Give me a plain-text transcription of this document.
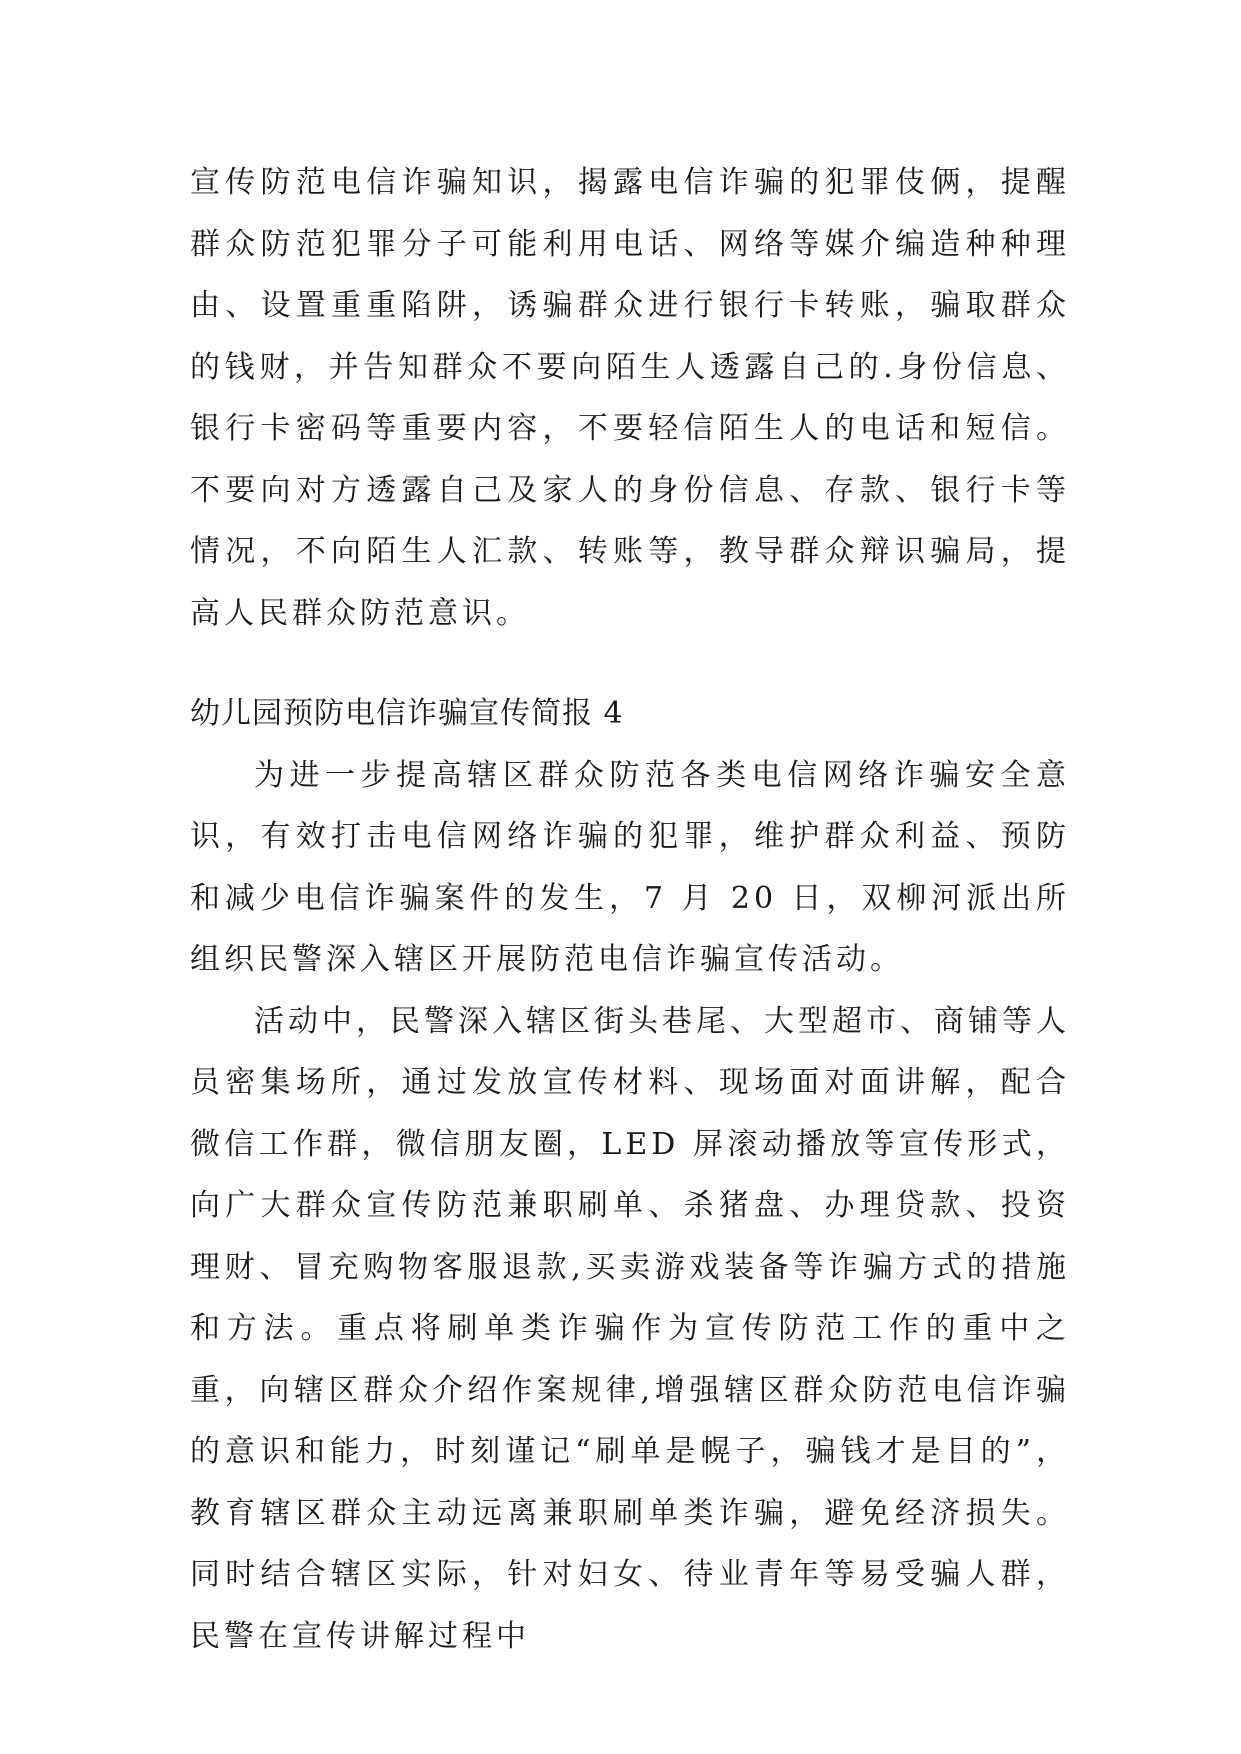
宣传防范电信诈骗知识，揭露电信诈骗的犯罪伎俩，提醒群众防范犯罪分子可能利用电话、网络等媒介编造种种理由、设置重重陷阱，诱骗群众进行银行卡转账，骗取群众的钱财，并告知群众不要向陌生人透露自己的.身份信息、银行卡密码等重要内容，不要轻信陌生人的电话和短信。不要向对方透露自己及家人的身份信息、存款、银行卡等情况，不向陌生人汇款、转账等，教导群众辩识骗局，提高人民群众防范意识。

幼儿园预防电信诈骗宣传简报 4

为进一步提高辖区群众防范各类电信网络诈骗安全意识，有效打击电信网络诈骗的犯罪，维护群众利益、预防和减少电信诈骗案件的发生，7 月 20 日，双柳河派出所组织民警深入辖区开展防范电信诈骗宣传活动。

活动中，民警深入辖区街头巷尾、大型超市、商铺等人员密集场所，通过发放宣传材料、现场面对面讲解，配合微信工作群，微信朋友圈，LED 屏滚动播放等宣传形式，向广大群众宣传防范兼职刷单、杀猪盘、办理贷款、投资理财、冒充购物客服退款,买卖游戏装备等诈骗方式的措施和方法。重点将刷单类诈骗作为宣传防范工作的重中之重，向辖区群众介绍作案规律,增强辖区群众防范电信诈骗的意识和能力，时刻谨记“刷单是幌子，骗钱才是目的”，教育辖区群众主动远离兼职刷单类诈骗，避免经济损失。同时结合辖区实际，针对妇女、待业青年等易受骗人群，民警在宣传讲解过程中
